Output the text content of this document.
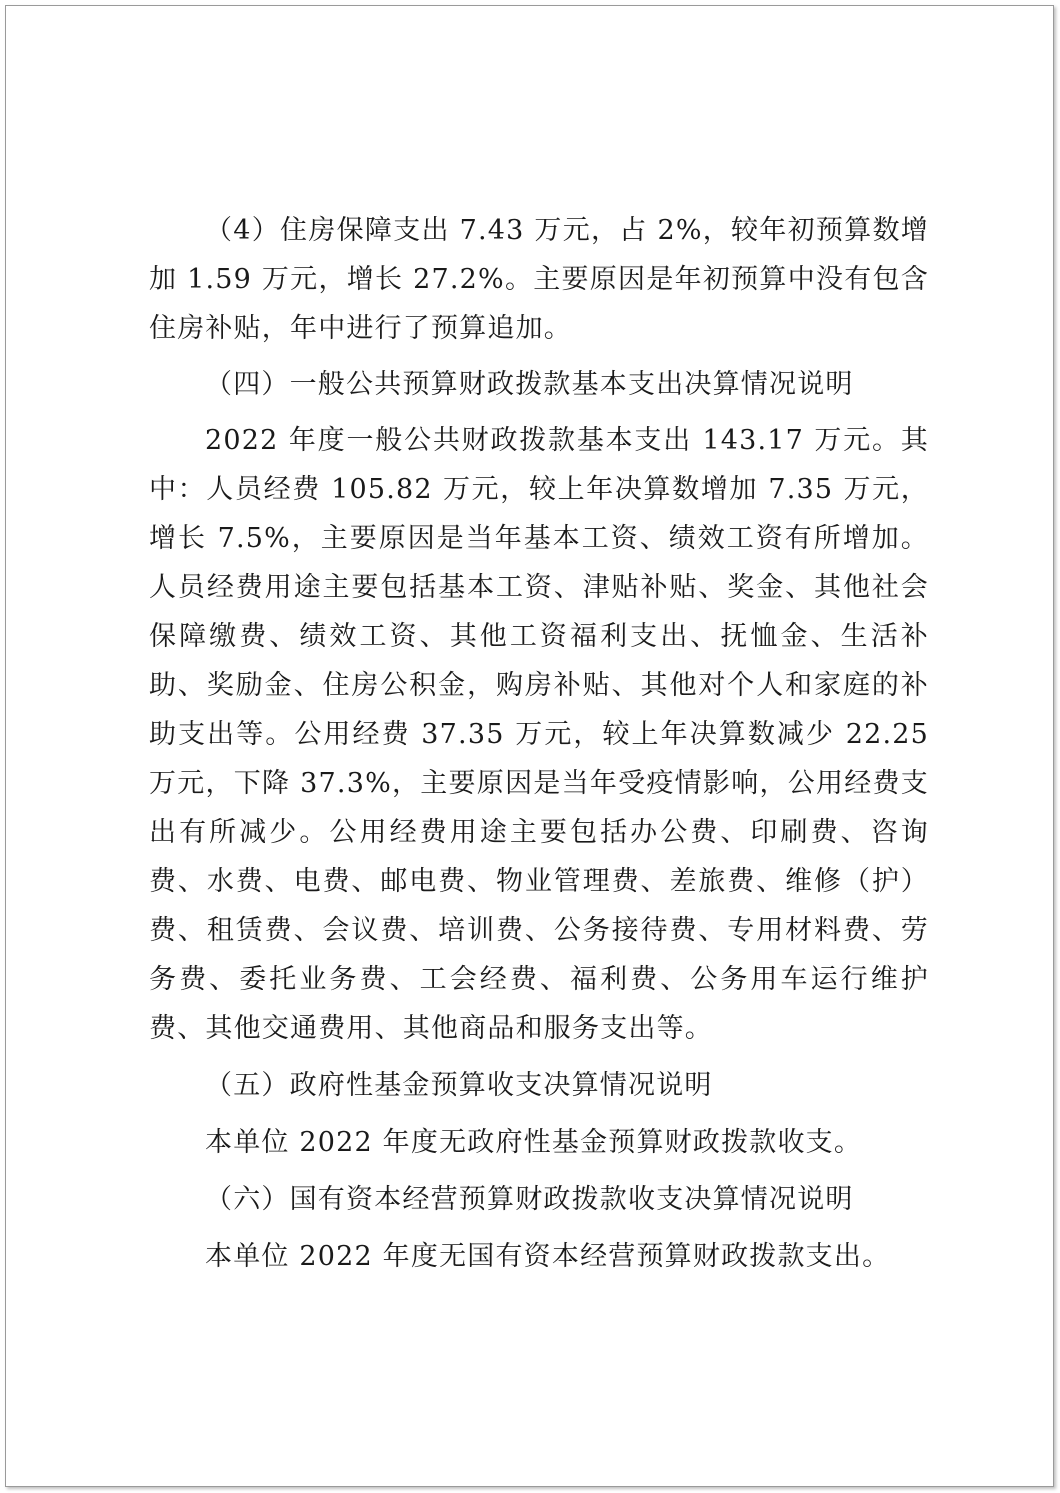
（4）住房保障支出 7.43 万元，占 2%，较年初预算数增加 1.59 万元，增长 27.2%。主要原因是年初预算中没有包含住房补贴，年中进行了预算追加。

（四）一般公共预算财政拨款基本支出决算情况说明

2022 年度一般公共财政拨款基本支出 143.17 万元。其中：人员经费 105.82 万元，较上年决算数增加 7.35 万元，增长 7.5%，主要原因是当年基本工资、绩效工资有所增加。人员经费用途主要包括基本工资、津贴补贴、奖金、其他社会保障缴费、绩效工资、其他工资福利支出、抚恤金、生活补助、奖励金、住房公积金，购房补贴、其他对个人和家庭的补助支出等。公用经费 37.35 万元，较上年决算数减少 22.25 万元，下降 37.3%，主要原因是当年受疫情影响，公用经费支出有所减少。公用经费用途主要包括办公费、印刷费、咨询费、水费、电费、邮电费、物业管理费、差旅费、维修（护）费、租赁费、会议费、培训费、公务接待费、专用材料费、劳务费、委托业务费、工会经费、福利费、公务用车运行维护费、其他交通费用、其他商品和服务支出等。

（五）政府性基金预算收支决算情况说明

本单位 2022 年度无政府性基金预算财政拨款收支。

（六）国有资本经营预算财政拨款收支决算情况说明

本单位 2022 年度无国有资本经营预算财政拨款支出。
